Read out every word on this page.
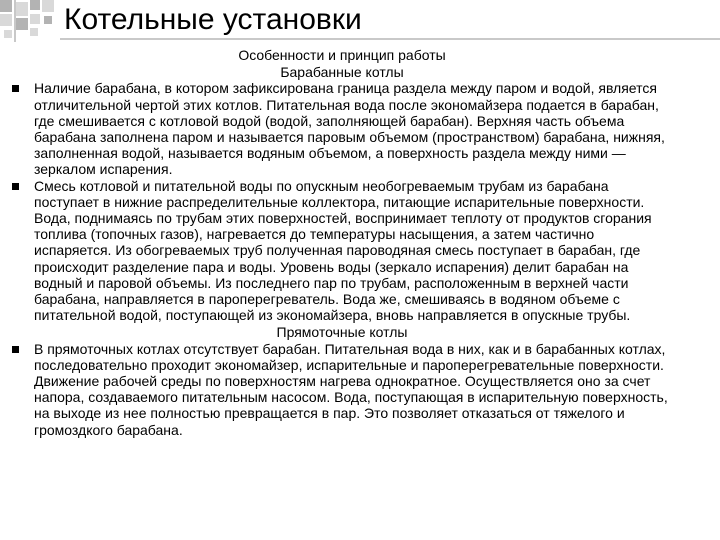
Котельные установки

Особенности и принцип работы

Барабанные котлы

Наличие барабана, в котором зафиксирована граница раздела между паром и водой, является отличительной чертой этих котлов. Питательная вода после экономайзера подается в барабан, где смешивается с котловой водой (водой, заполняющей барабан). Верхняя часть объема барабана заполнена паром и называется паровым объемом (пространством) барабана, нижняя, заполненная водой, называется водяным объемом, а поверхность раздела между ними — зеркалом испарения.

Смесь котловой и питательной воды по опускным необогреваемым трубам из барабана поступает в нижние распределительные коллектора, питающие испарительные поверхности. Вода, поднимаясь по трубам этих поверхностей, воспринимает теплоту от продуктов сгорания топлива (топочных газов), нагревается до температуры насыщения, а затем частично испаряется. Из обогреваемых труб полученная пароводяная смесь поступает в барабан, где происходит разделение пара и воды. Уровень воды (зеркало испарения) делит барабан на водный и паровой объемы. Из последнего пар по трубам, расположенным в верхней части барабана, направляется в пароперегреватель. Вода же, смешиваясь в водяном объеме с питательной водой, поступающей из экономайзера, вновь направляется в опускные трубы.

Прямоточные котлы

В прямоточных котлах отсутствует барабан. Питательная вода в них, как и в барабанных котлах, последовательно проходит экономайзер, испарительные и пароперегревательные поверхности. Движение рабочей среды по поверхностям нагрева однократное. Осуществляется оно за счет напора, создаваемого питательным насосом. Вода, поступающая в испарительную поверхность, на выходе из нее полностью превращается в пар. Это позволяет отказаться от тяжелого и громоздкого барабана.
